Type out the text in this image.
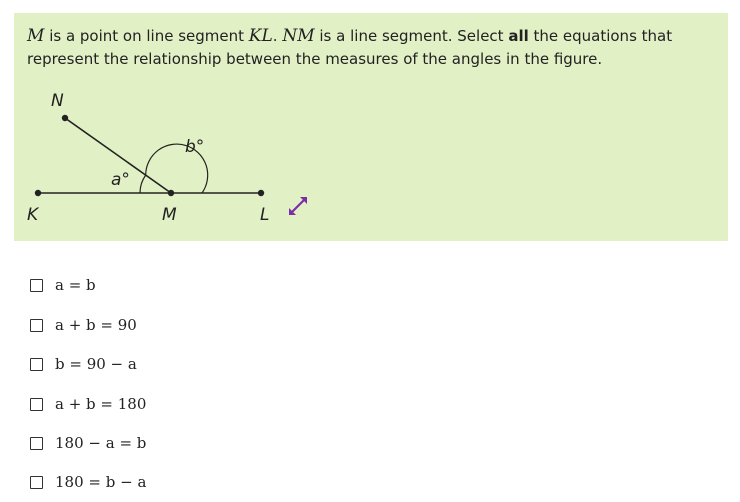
M is a point on line segment KL. NM is a line segment. Select all the equations that represent the relationship between the measures of the angles in the figure.
N
b°
a°
K	M	L
a = b
a + b = 90
b = 90 − a
a + b = 180
180 − a = b
180 = b − a
